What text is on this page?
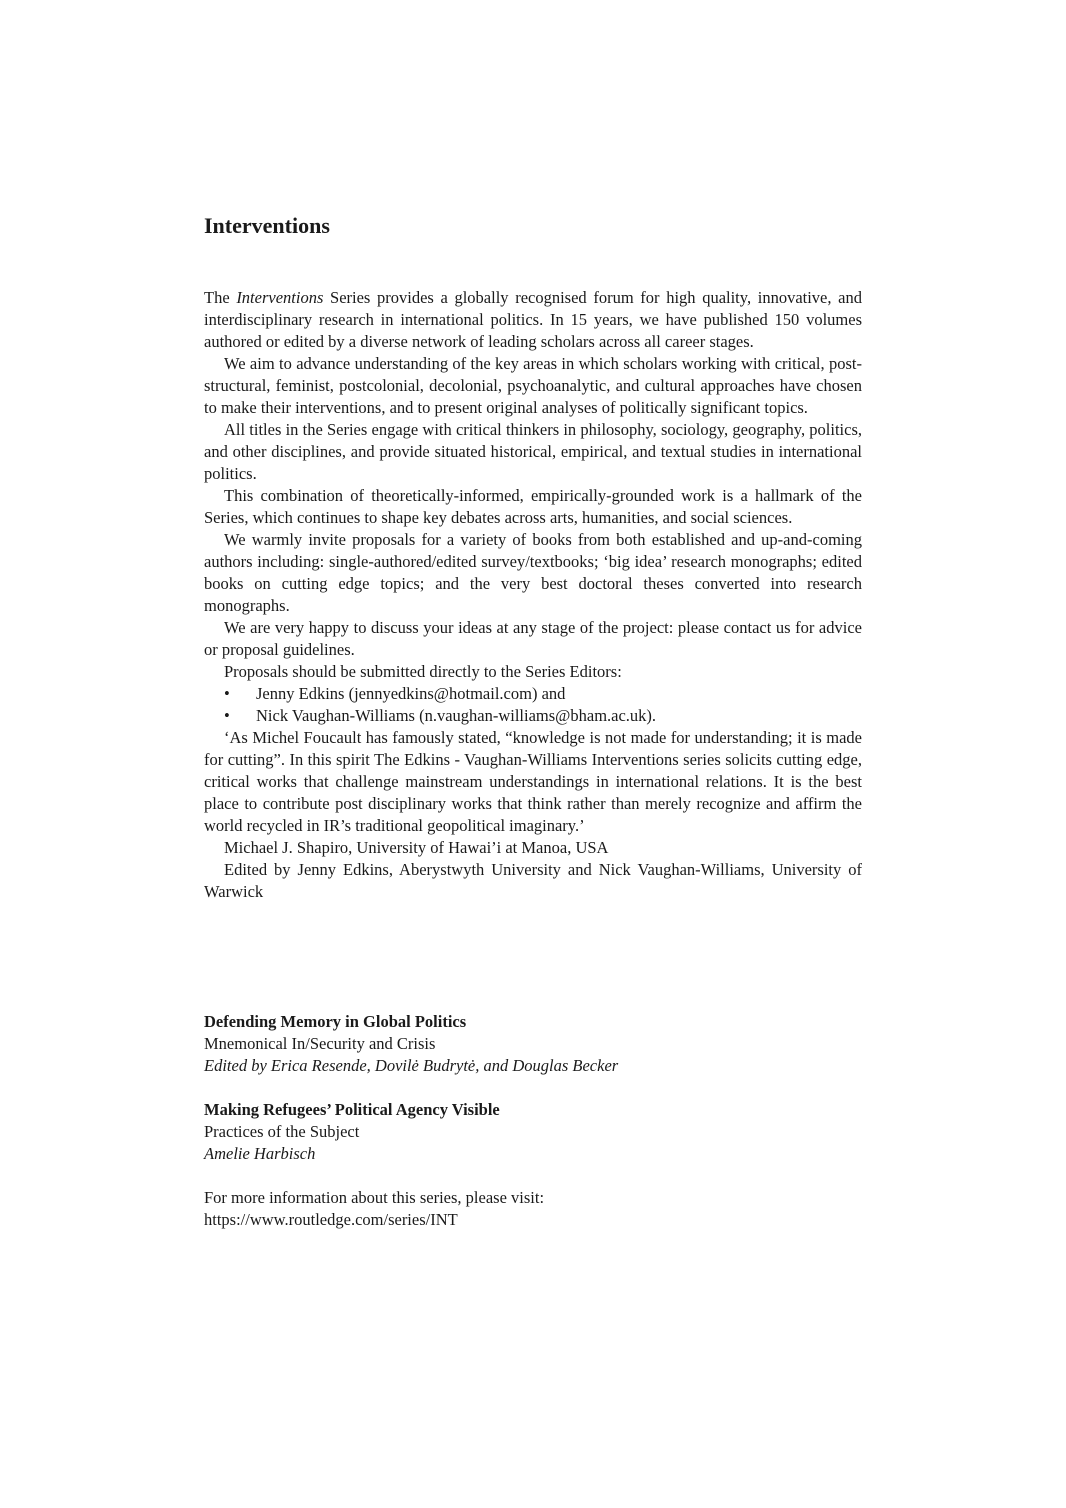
Interventions

The Interventions Series provides a globally recognised forum for high quality, innovative, and interdisciplinary research in international politics. In 15 years, we have published 150 volumes authored or edited by a diverse network of leading scholars across all career stages.

We aim to advance understanding of the key areas in which scholars working with critical, post-structural, feminist, postcolonial, decolonial, psychoanalytic, and cultural approaches have chosen to make their interventions, and to present original analyses of politically significant topics.

All titles in the Series engage with critical thinkers in philosophy, sociology, geography, politics, and other disciplines, and provide situated historical, empirical, and textual studies in international politics.

This combination of theoretically-informed, empirically-grounded work is a hallmark of the Series, which continues to shape key debates across arts, humanities, and social sciences.

We warmly invite proposals for a variety of books from both established and up-and-coming authors including: single-authored/edited survey/textbooks; ‘big idea’ research monographs; edited books on cutting edge topics; and the very best doctoral theses converted into research monographs.

We are very happy to discuss your ideas at any stage of the project: please contact us for advice or proposal guidelines.

Proposals should be submitted directly to the Series Editors:

• Jenny Edkins (jennyedkins@hotmail.com) and
• Nick Vaughan-Williams (n.vaughan-williams@bham.ac.uk).

‘As Michel Foucault has famously stated, “knowledge is not made for understanding; it is made for cutting”. In this spirit The Edkins - Vaughan-Williams Interventions series solicits cutting edge, critical works that challenge mainstream understandings in international relations. It is the best place to contribute post disciplinary works that think rather than merely recognize and affirm the world recycled in IR’s traditional geopolitical imaginary.’

Michael J. Shapiro, University of Hawai’i at Manoa, USA

Edited by Jenny Edkins, Aberystwyth University and Nick Vaughan-Williams, University of Warwick

Defending Memory in Global Politics
Mnemonical In/Security and Crisis
Edited by Erica Resende, Dovilė Budrytė, and Douglas Becker
Making Refugees’ Political Agency Visible
Practices of the Subject
Amelie Harbisch
For more information about this series, please visit:
https://www.routledge.com/series/INT
